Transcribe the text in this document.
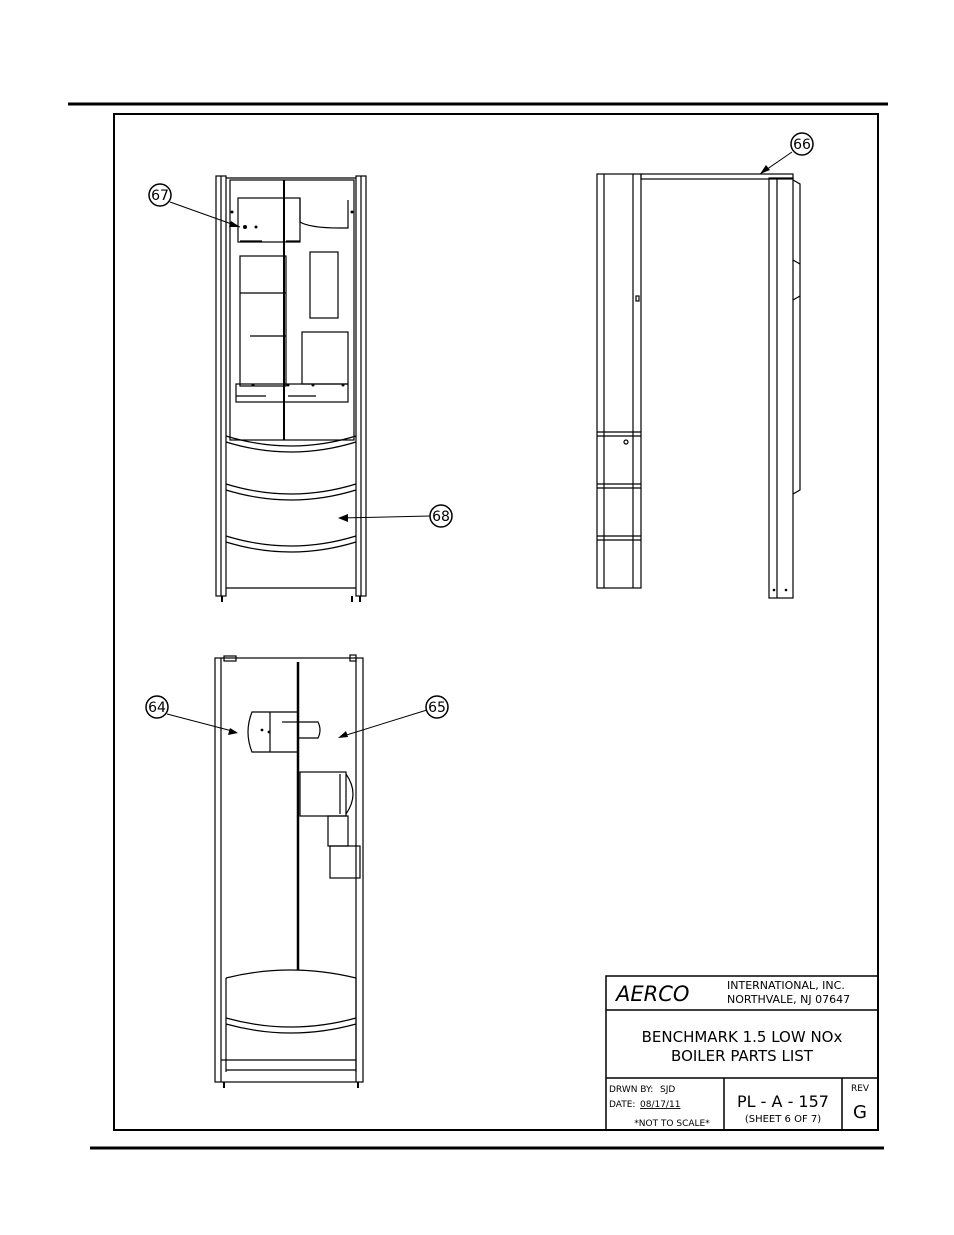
67
66
68
64	65
AERCO	INTERNATIONAL, INC.
NORTHVALE, NJ 07647
BENCHMARK 1.5 LOW NOx
BOILER PARTS LIST
DRWN BY: SJD
DATE: 08/17/11
*NOT TO SCALE*
PL - A - 157
(SHEET 6 OF 7)
REV
G
